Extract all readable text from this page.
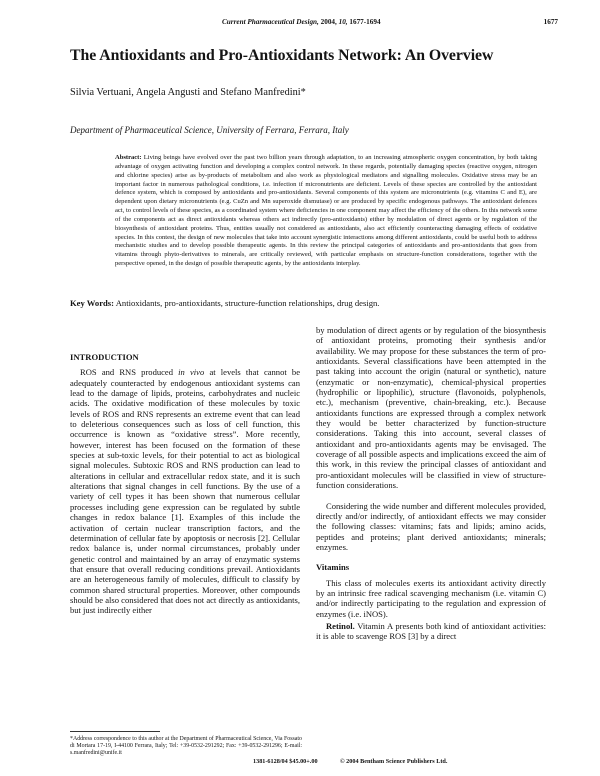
Current Pharmaceutical Design, 2004, 10, 1677-1694	1677
The Antioxidants and Pro-Antioxidants Network: An Overview
Silvia Vertuani, Angela Angusti and Stefano Manfredini*
Department of Pharmaceutical Science, University of Ferrara, Ferrara, Italy
Abstract: Living beings have evolved over the past two billion years through adaptation, to an increasing atmospheric oxygen concentration, by both taking advantage of oxygen activating function and developing a complex control network. In these regards, potentially damaging species (reactive oxygen, nitrogen and chlorine species) arise as by-products of metabolism and also work as physiological mediators and signalling molecules. Oxidative stress may be an important factor in numerous pathological conditions, i.e. infection if micronutrients are deficient. Levels of these species are controlled by the antioxidant defence system, which is composed by antioxidants and pro-antioxidants. Several components of this system are micronutrients (e.g. vitamins C and E), are dependent upon dietary micronutrients (e.g. CuZn and Mn superoxide dismutase) or are produced by specific endogenous pathways. The antioxidant defences act, to control levels of these species, as a coordinated system where deficiencies in one component may affect the efficiency of the others. In this network some of the components act as direct antioxidants whereas others act indirectly (pro-antioxidants) either by modulation of direct agents or by regulation of the biosynthesis of antioxidant proteins. Thus, entities usually not considered as antioxidants, also act efficiently counteracting damaging effects of oxidative species. In this contest, the design of new molecules that take into account synergistic interactions among different antioxidants, could be useful both to address mechanistic studies and to develop possible therapeutic agents. In this review the principal categories of antioxidants and pro-antioxidants that goes from vitamins through phyto-derivatives to minerals, are critically reviewed, with particular emphasis on structure-function considerations, together with the perspective opened, in the design of possible therapeutic agents, by the antioxidants interplay.
Key Words: Antioxidants, pro-antioxidants, structure-function relationships, drug design.
INTRODUCTION

ROS and RNS produced in vivo at levels that cannot be adequately counteracted by endogenous antioxidant systems can lead to the damage of lipids, proteins, carbohydrates and nucleic acids. The oxidative modification of these molecules by toxic levels of ROS and RNS represents an extreme event that can lead to deleterious consequences such as loss of cell function, this occurrence is known as “oxidative stress”. More recently, however, interest has been focused on the formation of these species at sub-toxic levels, for their potential to act as biological signal molecules. Subtoxic ROS and RNS production can lead to alterations in cellular and extracellular redox state, and it is such alterations that signal changes in cell functions. By the use of a variety of cell types it has been shown that numerous cellular processes including gene expression can be regulated by subtle changes in redox balance [1]. Examples of this include the activation of certain nuclear transcription factors, and the determination of cellular fate by apoptosis or necrosis [2]. Cellular redox balance is, under normal circumstances, probably under genetic control and maintained by an array of enzymatic systems that ensure that overall reducing conditions prevail. Antioxidants are an heterogeneous family of molecules, difficult to classify by common shared structural properties. Moreover, other compounds should be also considered that does not act directly as antioxidants, but just indirectly either

by modulation of direct agents or by regulation of the biosynthesis of antioxidant proteins, promoting their synthesis and/or availability. We may propose for these substances the term of pro-antioxidants. Several classifications have been attempted in the past taking into account the origin (natural or synthetic), nature (enzymatic or non-enzymatic), chemical-physical properties (hydrophilic or lipophilic), structure (flavonoids, polyphenols, etc.), mechanism (preventive, chain-breaking, etc.). Because antioxidants functions are expressed through a complex network they would be better characterized by function-structure considerations. Taking this into account, several classes of antioxidant and pro-antioxidants agents may be envisaged. The coverage of all possible aspects and implications exceed the aim of this work, in this review the principal classes of antioxidant and pro-antioxidant molecules will be classified in view of structure-function considerations.

Considering the wide number and different molecules provided, directly and/or indirectly, of antioxidant effects we may consider the following classes: vitamins; fats and lipids; amino acids, peptides and proteins; plant derived antioxidants; minerals; enzymes.

Vitamins

This class of molecules exerts its antioxidant activity directly by an intrinsic free radical scavenging mechanism (i.e. vitamin C) and/or indirectly participating to the regulation and expression of enzymes (i.e. iNOS).

Retinol. Vitamin A presents both kind of antioxidant activities: it is able to scavenge ROS [3] by a direct

*Address correspondence to this author at the Department of Pharmaceutical Science, Via Fossato di Mortara 17-19, I-44100 Ferrara, Italy; Tel: +39-0532-291292; Fax: +39-0532-291296; E-mail: s.manfredini@unife.it
1381-6128/04 $45.00+.00	© 2004 Bentham Science Publishers Ltd.
